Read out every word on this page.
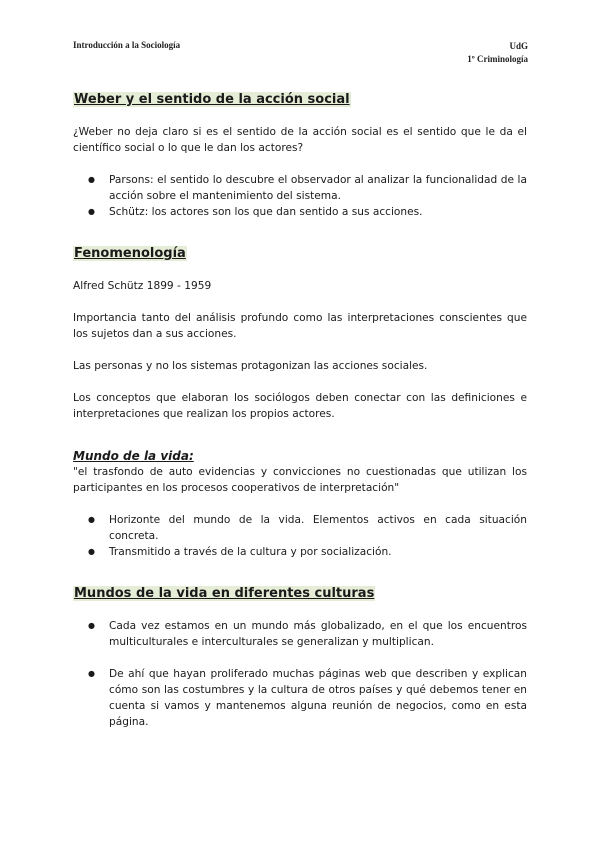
Introducción a la Sociología	UdG
1º Criminología
Weber y el sentido de la acción social

¿Weber no deja claro si es el sentido de la acción social es el sentido que le da el científico social o lo que le dan los actores?

● Parsons: el sentido lo descubre el observador al analizar la funcionalidad de la acción sobre el mantenimiento del sistema.
● Schütz: los actores son los que dan sentido a sus acciones.
Fenomenología

Alfred Schütz 1899 - 1959

Importancia tanto del análisis profundo como las interpretaciones conscientes que los sujetos dan a sus acciones.

Las personas y no los sistemas protagonizan las acciones sociales.

Los conceptos que elaboran los sociólogos deben conectar con las definiciones e interpretaciones que realizan los propios actores.

Mundo de la vida:

"el trasfondo de auto evidencias y convicciones no cuestionadas que utilizan los participantes en los procesos cooperativos de interpretación"

● Horizonte del mundo de la vida. Elementos activos en cada situación concreta.
● Transmitido a través de la cultura y por socialización.
Mundos de la vida en diferentes culturas
● Cada vez estamos en un mundo más globalizado, en el que los encuentros multiculturales e interculturales se generalizan y multiplican.
● De ahí que hayan proliferado muchas páginas web que describen y explican cómo son las costumbres y la cultura de otros países y qué debemos tener en cuenta si vamos y mantenemos alguna reunión de negocios, como en esta página.
